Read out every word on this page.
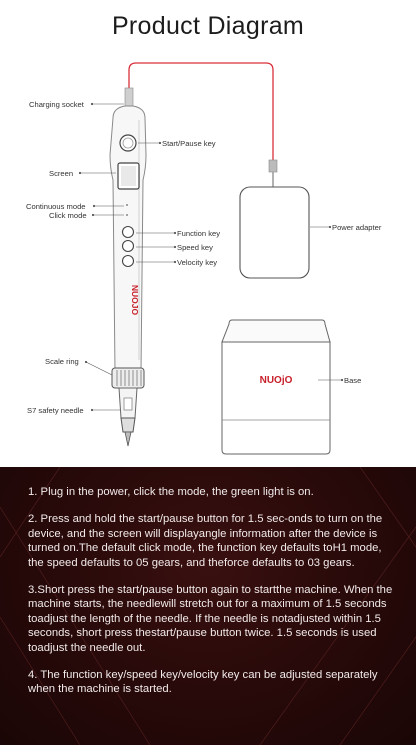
Product Diagram
NUOJO
NUOjO
Charging socket
Start/Pause key
Screen
Continuous mode
Click mode
Function key
Speed key
Velocity key
Power adapter
Scale ring
S7 safety needle
Base

1. Plug in the power, click the mode, the green light is on.

2. Press and hold the start/pause button for 1.5 sec-onds to turn on the device, and the screen will displayangle information after the device is turned on.The default click mode, the function key defaults toH1 mode, the speed defaults to 05 gears, and theforce defaults to 03 gears.

3.Short press the start/pause button again to startthe machine. When the machine starts, the needlewill stretch out for a maximum of 1.5 seconds toadjust the length of the needle. If the needle is notadjusted within 1.5 seconds, short press thestart/pause button twice. 1.5 seconds is used toadjust the needle out.

4. The function key/speed key/velocity key can be adjusted separately when the machine is started.
